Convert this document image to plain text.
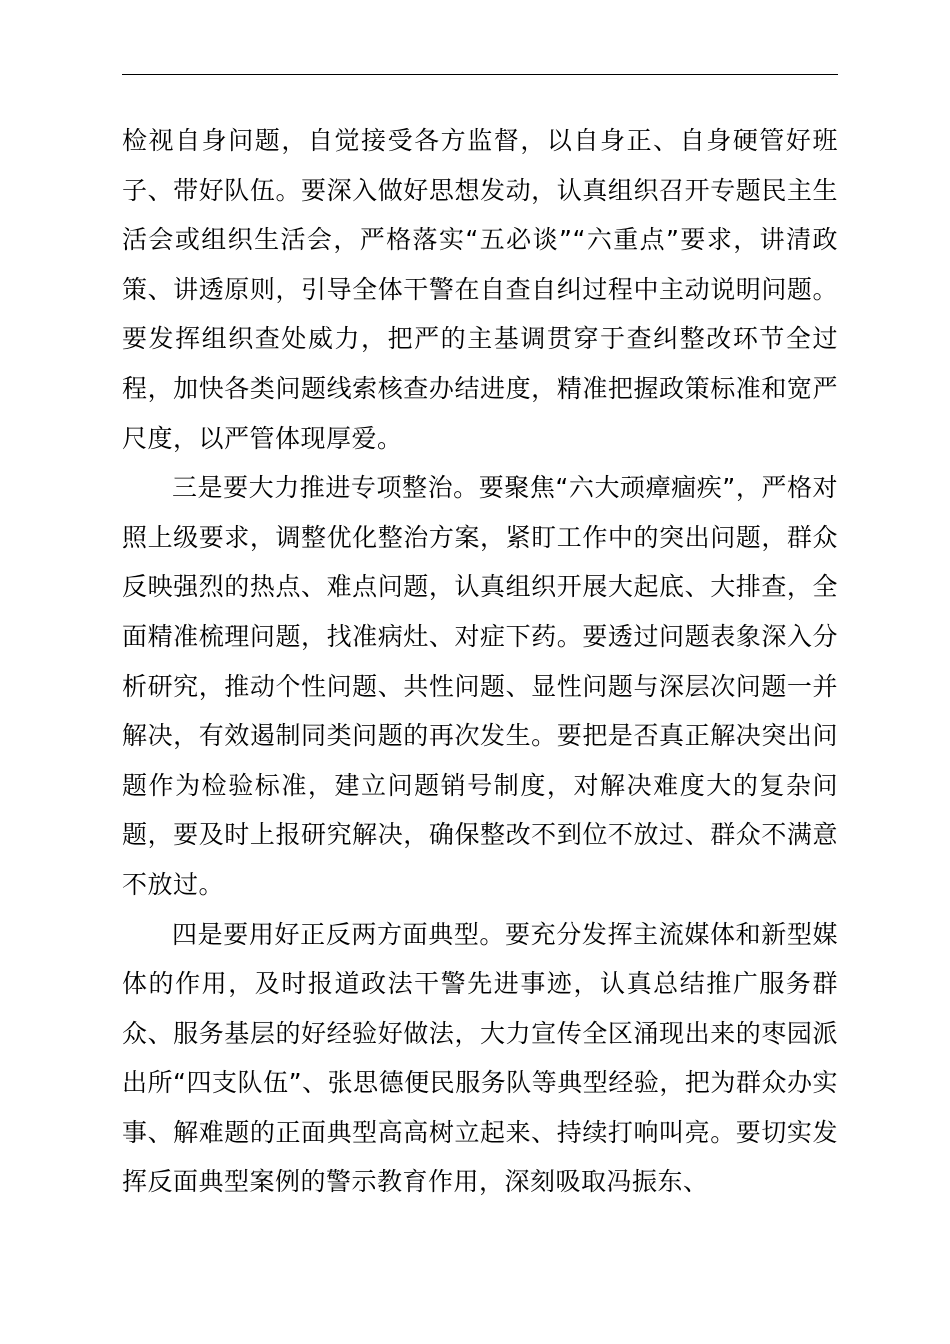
检视自身问题，自觉接受各方监督，以自身正、自身硬管好班子、带好队伍。要深入做好思想发动，认真组织召开专题民主生活会或组织生活会，严格落实“五必谈”“六重点”要求，讲清政策、讲透原则，引导全体干警在自查自纠过程中主动说明问题。要发挥组织查处威力，把严的主基调贯穿于查纠整改环节全过程，加快各类问题线索核查办结进度，精准把握政策标准和宽严尺度，以严管体现厚爱。

三是要大力推进专项整治。要聚焦“六大顽瘴痼疾”，严格对照上级要求，调整优化整治方案，紧盯工作中的突出问题，群众反映强烈的热点、难点问题，认真组织开展大起底、大排查，全面精准梳理问题，找准病灶、对症下药。要透过问题表象深入分析研究，推动个性问题、共性问题、显性问题与深层次问题一并解决，有效遏制同类问题的再次发生。要把是否真正解决突出问题作为检验标准，建立问题销号制度，对解决难度大的复杂问题，要及时上报研究解决，确保整改不到位不放过、群众不满意不放过。

四是要用好正反两方面典型。要充分发挥主流媒体和新型媒体的作用，及时报道政法干警先进事迹，认真总结推广服务群众、服务基层的好经验好做法，大力宣传全区涌现出来的枣园派出所“四支队伍”、张思德便民服务队等典型经验，把为群众办实事、解难题的正面典型高高树立起来、持续打响叫亮。要切实发挥反面典型案例的警示教育作用，深刻吸取冯振东、
